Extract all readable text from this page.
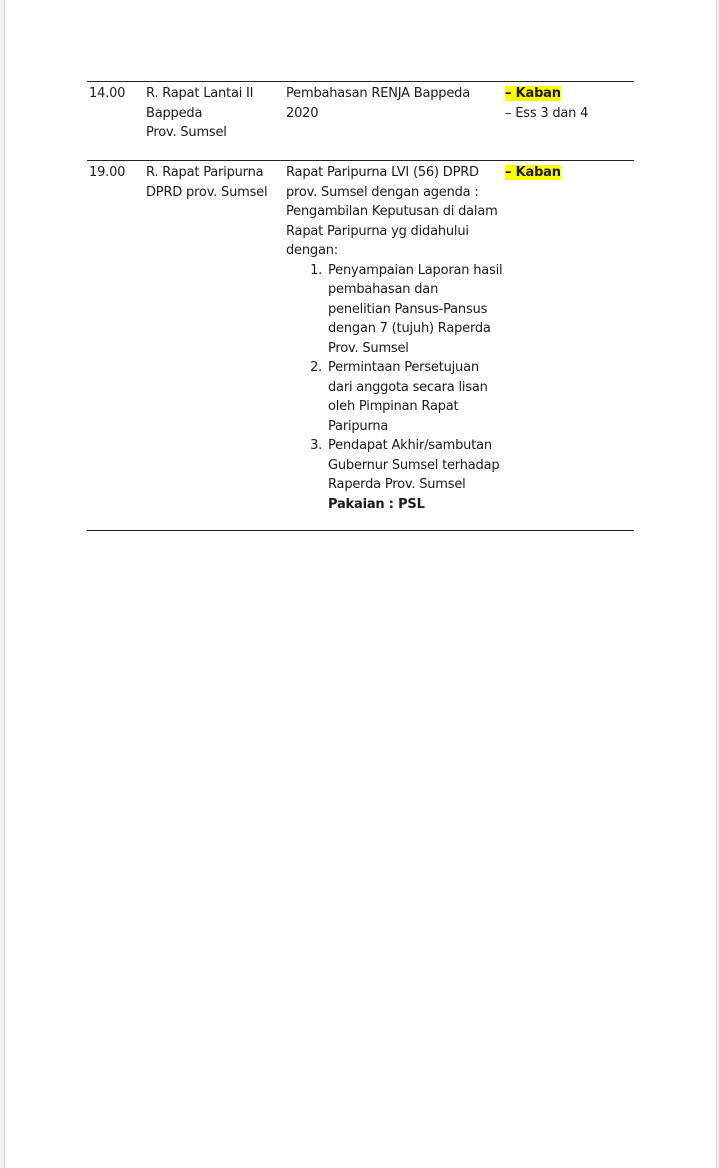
14.00	R. Rapat Lantai II
Bappeda
Prov. Sumsel
Pembahasan RENJA Bappeda 2020
– Kaban
– Ess 3 dan 4
19.00	R. Rapat Paripurna
DPRD prov. Sumsel
Rapat Paripurna LVI (56) DPRD prov. Sumsel dengan agenda : Pengambilan Keputusan di dalam Rapat Paripurna yg didahului dengan:
1. Penyampaian Laporan hasil pembahasan dan penelitian Pansus-Pansus dengan 7 (tujuh) Raperda Prov. Sumsel
2. Permintaan Persetujuan dari anggota secara lisan oleh Pimpinan Rapat Paripurna
3. Pendapat Akhir/sambutan Gubernur Sumsel terhadap Raperda Prov. Sumsel
Pakaian : PSL
– Kaban
